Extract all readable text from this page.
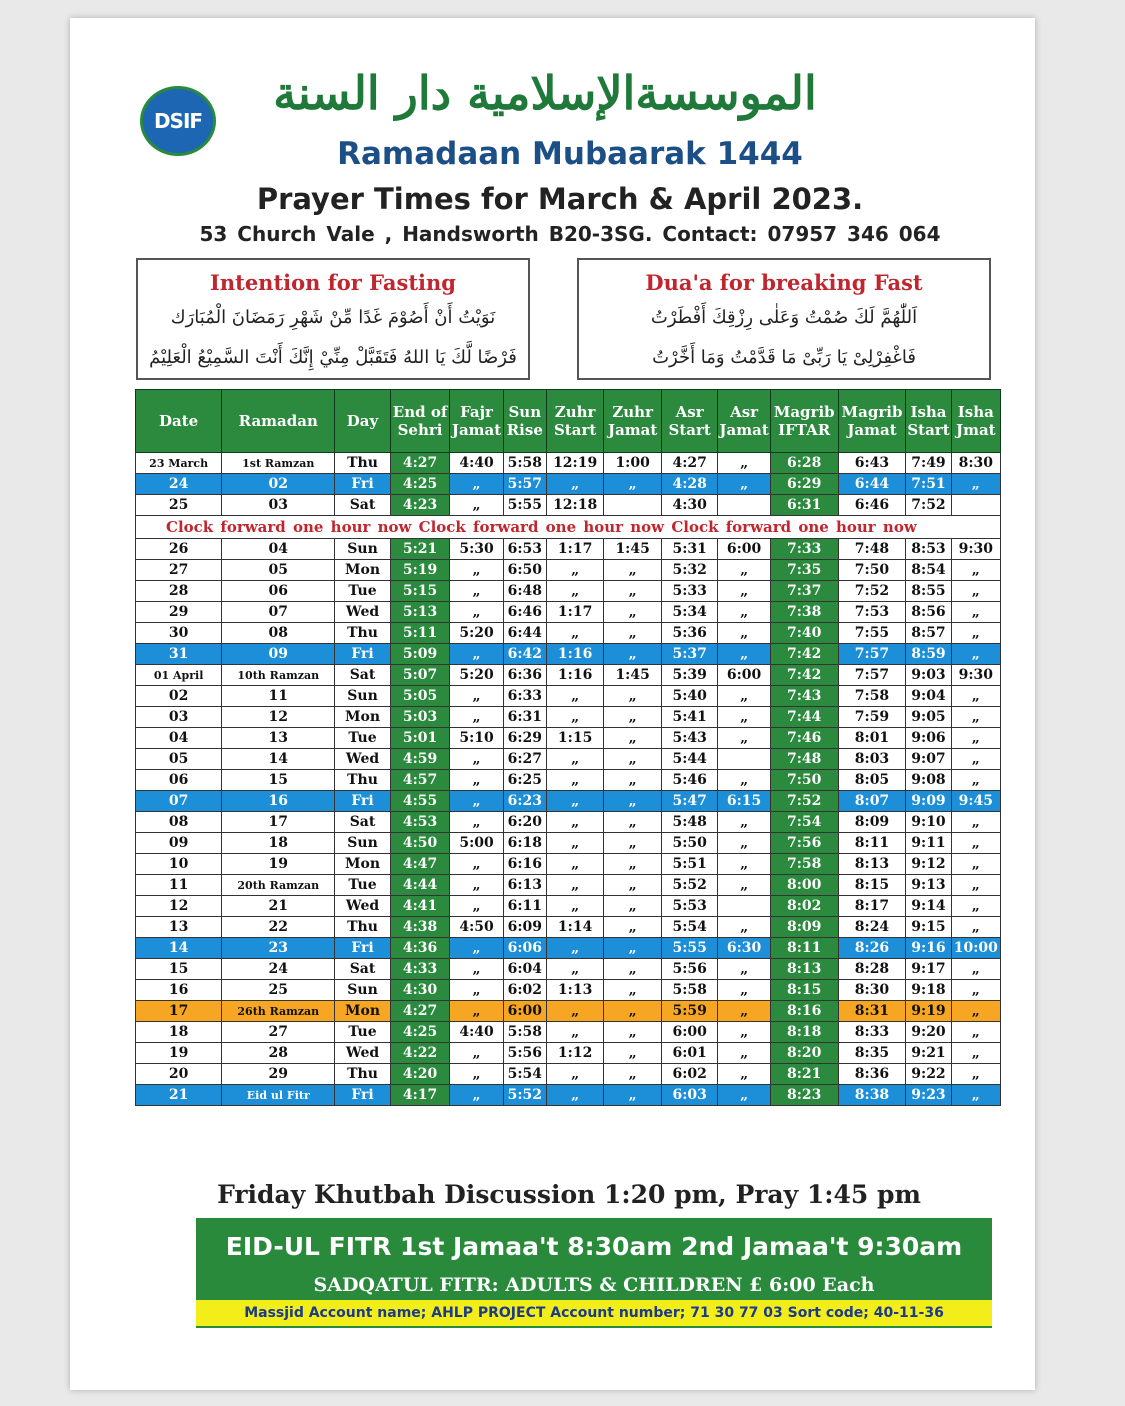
DSIF
الموسسةالإسلامية دار السنة
Ramadaan Mubaarak 1444
Prayer Times for March & April 2023.
53 Church Vale , Handsworth B20-3SG. Contact: 07957 346 064
Intention for Fasting
نَوَيْتُ أَنْ أَصُوْمَ غَدًا مِّنْ شَهْرِ رَمَضَانَ الْمُبَارَك
فَرْضًا لَّكَ يَا اللهُ فَتَقَبَّلْ مِنِّيْ إِنَّكَ أَنْتَ السَّمِيْعُ الْعَلِيْمُ
Dua'a for breaking Fast
اَللّٰهُمَّ لَكَ صُمْتُ وَعَلٰى رِزْقِكَ أَفْطَرْتُ
فَاغْفِرْلِىْ يَا رَبِّىْ مَا قَدَّمْتُ وَمَا أَخَّرْتُ
Date	Ramadan	Day	End of Sehri	Fajr Jamat	Sun Rise	Zuhr Start	Zuhr Jamat	Asr Start	Asr Jamat	Magrib IFTAR	Magrib Jamat	Isha Start	Isha Jmat
23 March	1st Ramzan	Thu	4:27	4:40	5:58	12:19	1:00	4:27	„	6:28	6:43	7:49	8:30
24	02	Fri	4:25	„	5:57	„	„	4:28	„	6:29	6:44	7:51	„
25	03	Sat	4:23	„	5:55	12:18		4:30		6:31	6:46	7:52	
Clock forward one hour now Clock forward one hour now Clock forward one hour now													
26	04	Sun	5:21	5:30	6:53	1:17	1:45	5:31	6:00	7:33	7:48	8:53	9:30
27	05	Mon	5:19	„	6:50	„	„	5:32	„	7:35	7:50	8:54	„
28	06	Tue	5:15	„	6:48	„	„	5:33	„	7:37	7:52	8:55	„
29	07	Wed	5:13	„	6:46	1:17	„	5:34	„	7:38	7:53	8:56	„
30	08	Thu	5:11	5:20	6:44	„	„	5:36	„	7:40	7:55	8:57	„
31	09	Fri	5:09	„	6:42	1:16	„	5:37	„	7:42	7:57	8:59	„
01 April	10th Ramzan	Sat	5:07	5:20	6:36	1:16	1:45	5:39	6:00	7:42	7:57	9:03	9:30
02	11	Sun	5:05	„	6:33	„	„	5:40	„	7:43	7:58	9:04	„
03	12	Mon	5:03	„	6:31	„	„	5:41	„	7:44	7:59	9:05	„
04	13	Tue	5:01	5:10	6:29	1:15	„	5:43	„	7:46	8:01	9:06	„
05	14	Wed	4:59	„	6:27	„	„	5:44		7:48	8:03	9:07	„
06	15	Thu	4:57	„	6:25	„	„	5:46	„	7:50	8:05	9:08	„
07	16	Fri	4:55	„	6:23	„	„	5:47	6:15	7:52	8:07	9:09	9:45
08	17	Sat	4:53	„	6:20	„	„	5:48	„	7:54	8:09	9:10	„
09	18	Sun	4:50	5:00	6:18	„	„	5:50	„	7:56	8:11	9:11	„
10	19	Mon	4:47	„	6:16	„	„	5:51	„	7:58	8:13	9:12	„
11	20th Ramzan	Tue	4:44	„	6:13	„	„	5:52	„	8:00	8:15	9:13	„
12	21	Wed	4:41	„	6:11	„	„	5:53		8:02	8:17	9:14	„
13	22	Thu	4:38	4:50	6:09	1:14	„	5:54	„	8:09	8:24	9:15	„
14	23	Fri	4:36	„	6:06	„	„	5:55	6:30	8:11	8:26	9:16	10:00
15	24	Sat	4:33	„	6:04	„	„	5:56	„	8:13	8:28	9:17	„
16	25	Sun	4:30	„	6:02	1:13	„	5:58	„	8:15	8:30	9:18	„
17	26th Ramzan	Mon	4:27	„	6:00	„	„	5:59	„	8:16	8:31	9:19	„
18	27	Tue	4:25	4:40	5:58	„	„	6:00	„	8:18	8:33	9:20	„
19	28	Wed	4:22	„	5:56	1:12	„	6:01	„	8:20	8:35	9:21	„
20	29	Thu	4:20	„	5:54	„	„	6:02	„	8:21	8:36	9:22	„
21	Eid ul Fitr	Fri	4:17	„	5:52	„	„	6:03	„	8:23	8:38	9:23	„
Friday Khutbah Discussion 1:20 pm, Pray 1:45 pm
EID-UL FITR 1st Jamaa't 8:30am 2nd Jamaa't 9:30am
SADQATUL FITR: ADULTS & CHILDREN £ 6:00 Each
Massjid Account name; AHLP PROJECT Account number; 71 30 77 03 Sort code; 40-11-36
